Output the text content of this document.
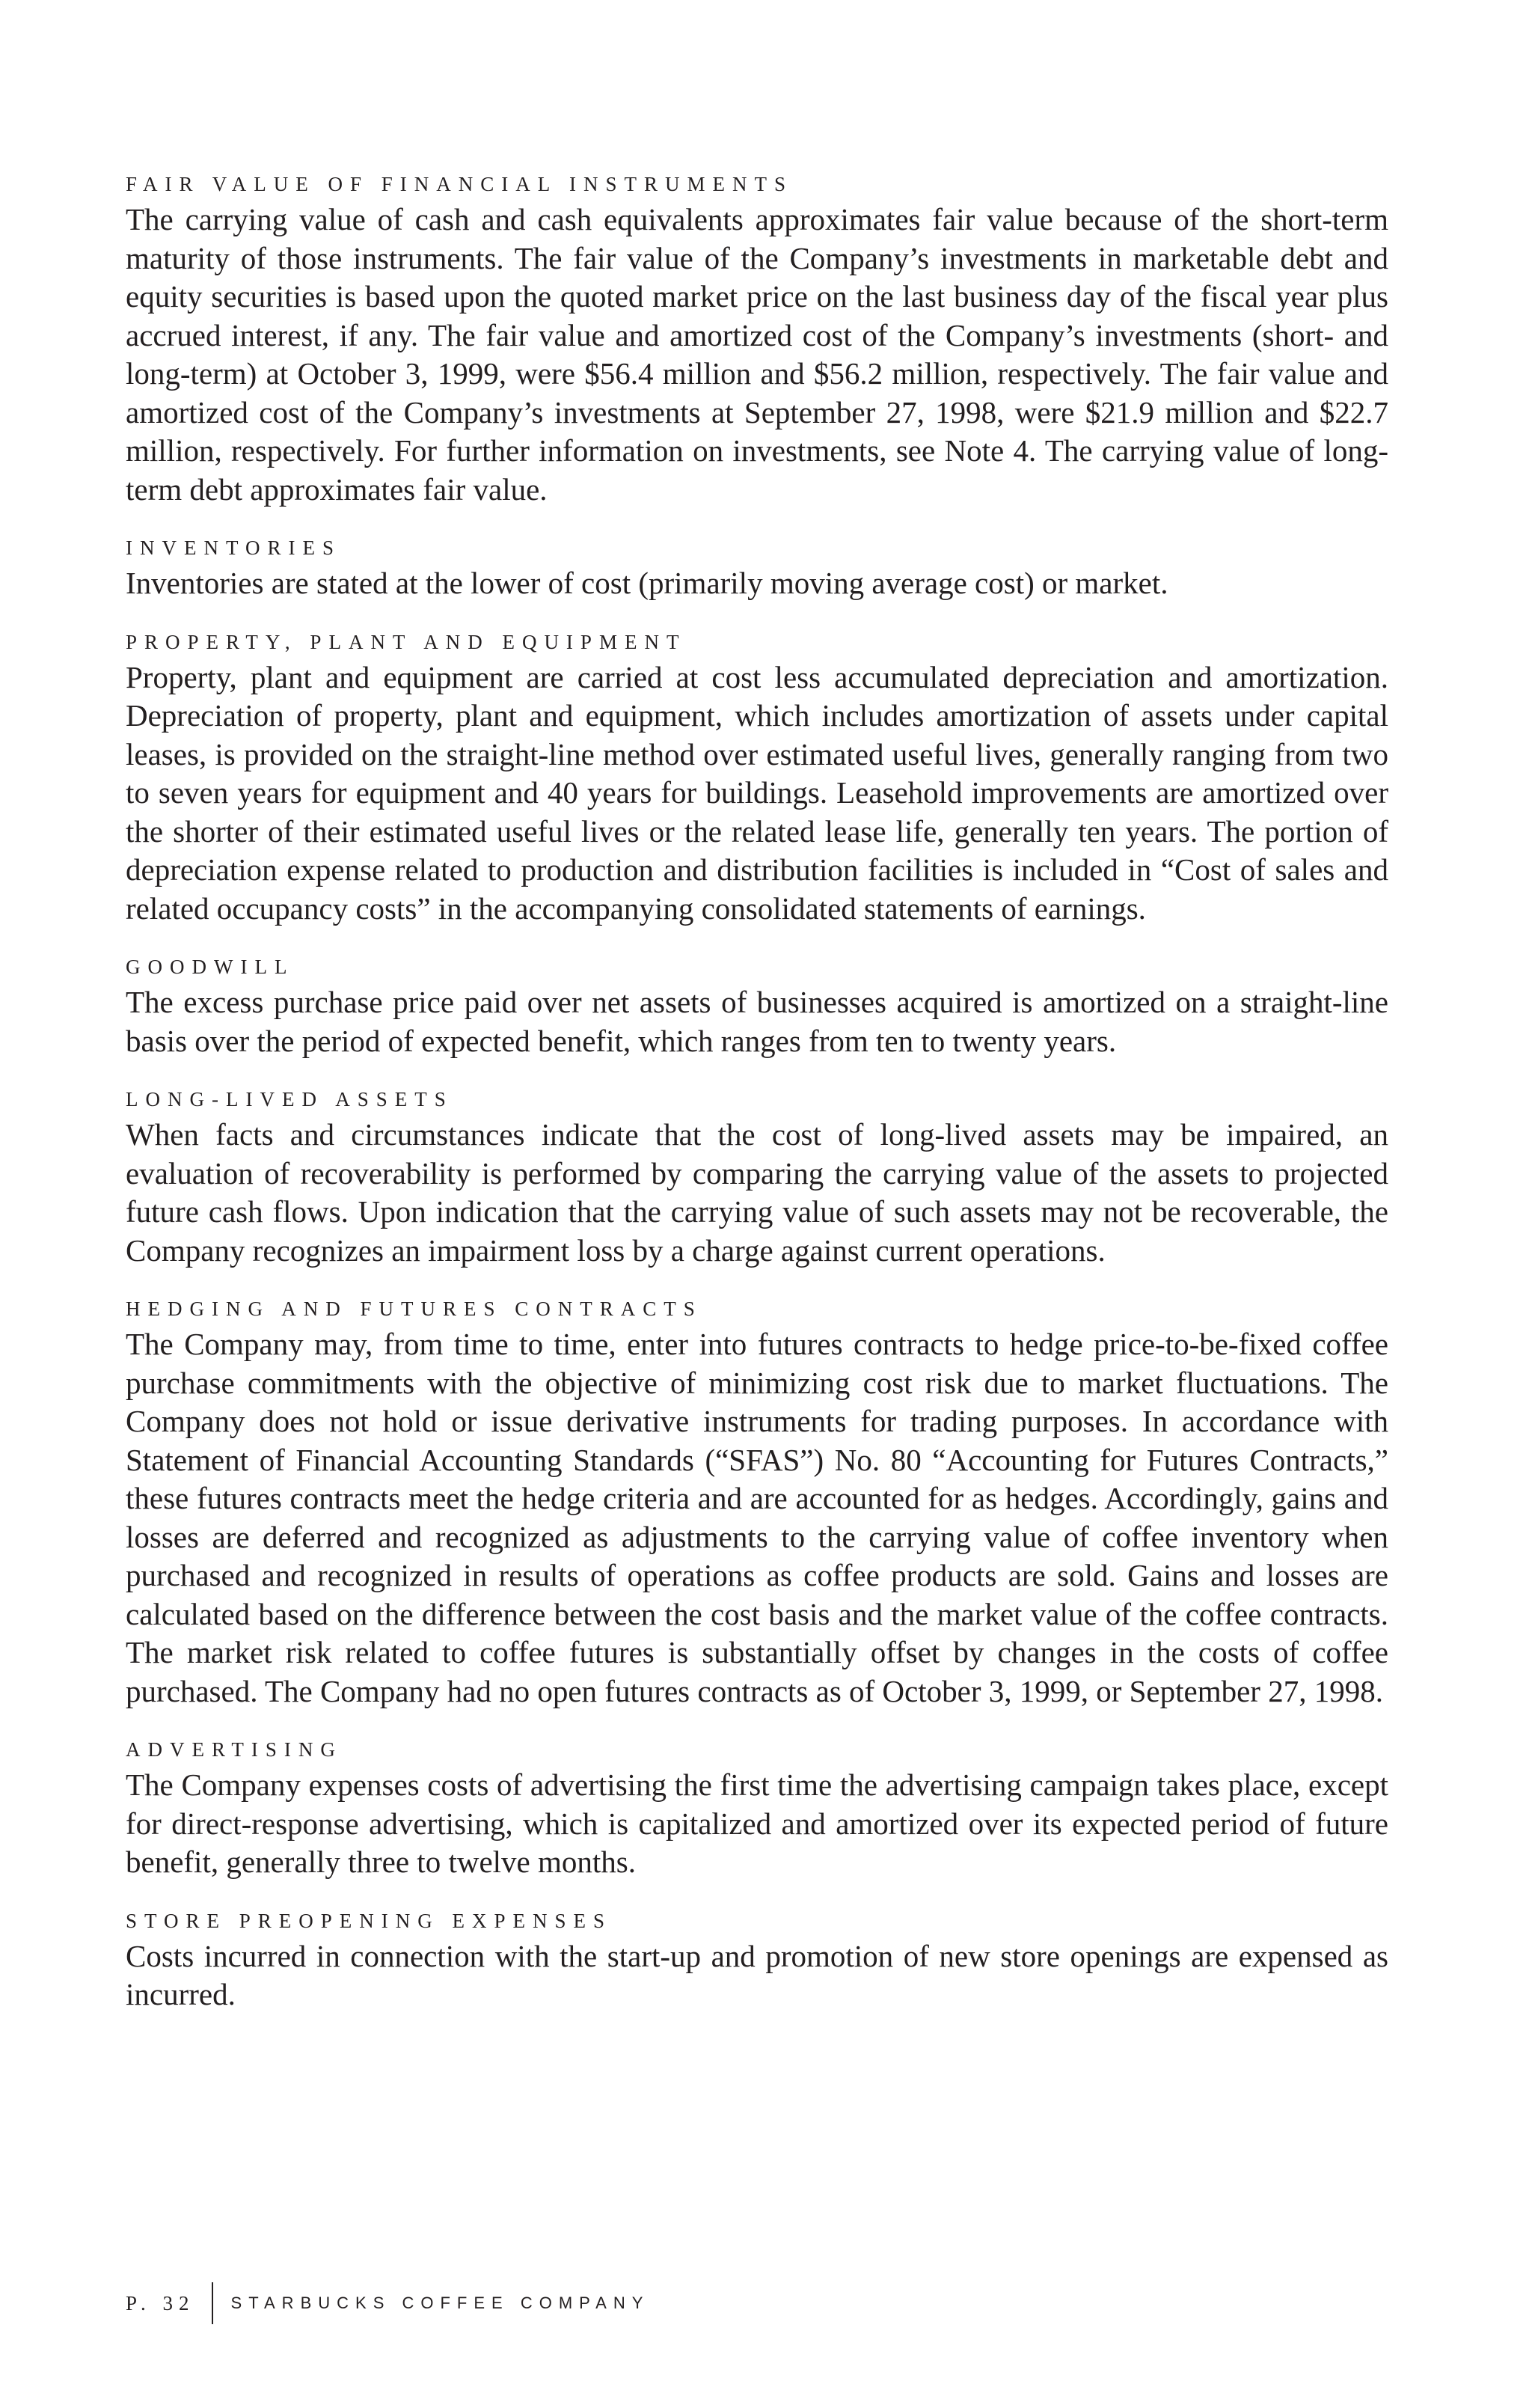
FAIR VALUE OF FINANCIAL INSTRUMENTS

The carrying value of cash and cash equivalents approximates fair value because of the short-term maturity of those instruments. The fair value of the Company’s investments in marketable debt and equity securities is based upon the quoted market price on the last business day of the fiscal year plus accrued interest, if any. The fair value and amortized cost of the Company’s investments (short- and long-term) at October 3, 1999, were $56.4 million and $56.2 million, respectively. The fair value and amortized cost of the Company’s investments at September 27, 1998, were $21.9 million and $22.7 million, respectively. For further information on investments, see Note 4. The carrying value of long-term debt approximates fair value.

INVENTORIES

Inventories are stated at the lower of cost (primarily moving average cost) or market.

PROPERTY, PLANT AND EQUIPMENT

Property, plant and equipment are carried at cost less accumulated depreciation and amortization. Depreciation of property, plant and equipment, which includes amortization of assets under capital leases, is provided on the straight-line method over estimated useful lives, generally ranging from two to seven years for equipment and 40 years for buildings. Leasehold improvements are amortized over the shorter of their estimated useful lives or the related lease life, generally ten years. The portion of depreciation expense related to production and distribution facilities is included in “Cost of sales and related occupancy costs” in the accompanying consolidated statements of earnings.

GOODWILL

The excess purchase price paid over net assets of businesses acquired is amortized on a straight-line basis over the period of expected benefit, which ranges from ten to twenty years.

LONG-LIVED ASSETS

When facts and circumstances indicate that the cost of long-lived assets may be impaired, an evaluation of recoverability is performed by comparing the carrying value of the assets to projected future cash flows. Upon indication that the carrying value of such assets may not be recoverable, the Company recognizes an impairment loss by a charge against current operations.

HEDGING AND FUTURES CONTRACTS

The Company may, from time to time, enter into futures contracts to hedge price-to-be-fixed coffee purchase commitments with the objective of minimizing cost risk due to market fluctuations. The Company does not hold or issue derivative instruments for trading purposes. In accordance with Statement of Financial Accounting Standards (“SFAS”) No. 80 “Accounting for Futures Contracts,” these futures contracts meet the hedge criteria and are accounted for as hedges. Accordingly, gains and losses are deferred and recognized as adjustments to the carrying value of coffee inventory when purchased and recognized in results of operations as coffee products are sold. Gains and losses are calculated based on the difference between the cost basis and the market value of the coffee contracts. The market risk related to coffee futures is substantially offset by changes in the costs of coffee purchased. The Company had no open futures contracts as of October 3, 1999, or September 27, 1998.

ADVERTISING

The Company expenses costs of advertising the first time the advertising campaign takes place, except for direct-response advertising, which is capitalized and amortized over its expected period of future benefit, generally three to twelve months.

STORE PREOPENING EXPENSES

Costs incurred in connection with the start-up and promotion of new store openings are expensed as incurred.

P. 32	STARBUCKS COFFEE COMPANY
